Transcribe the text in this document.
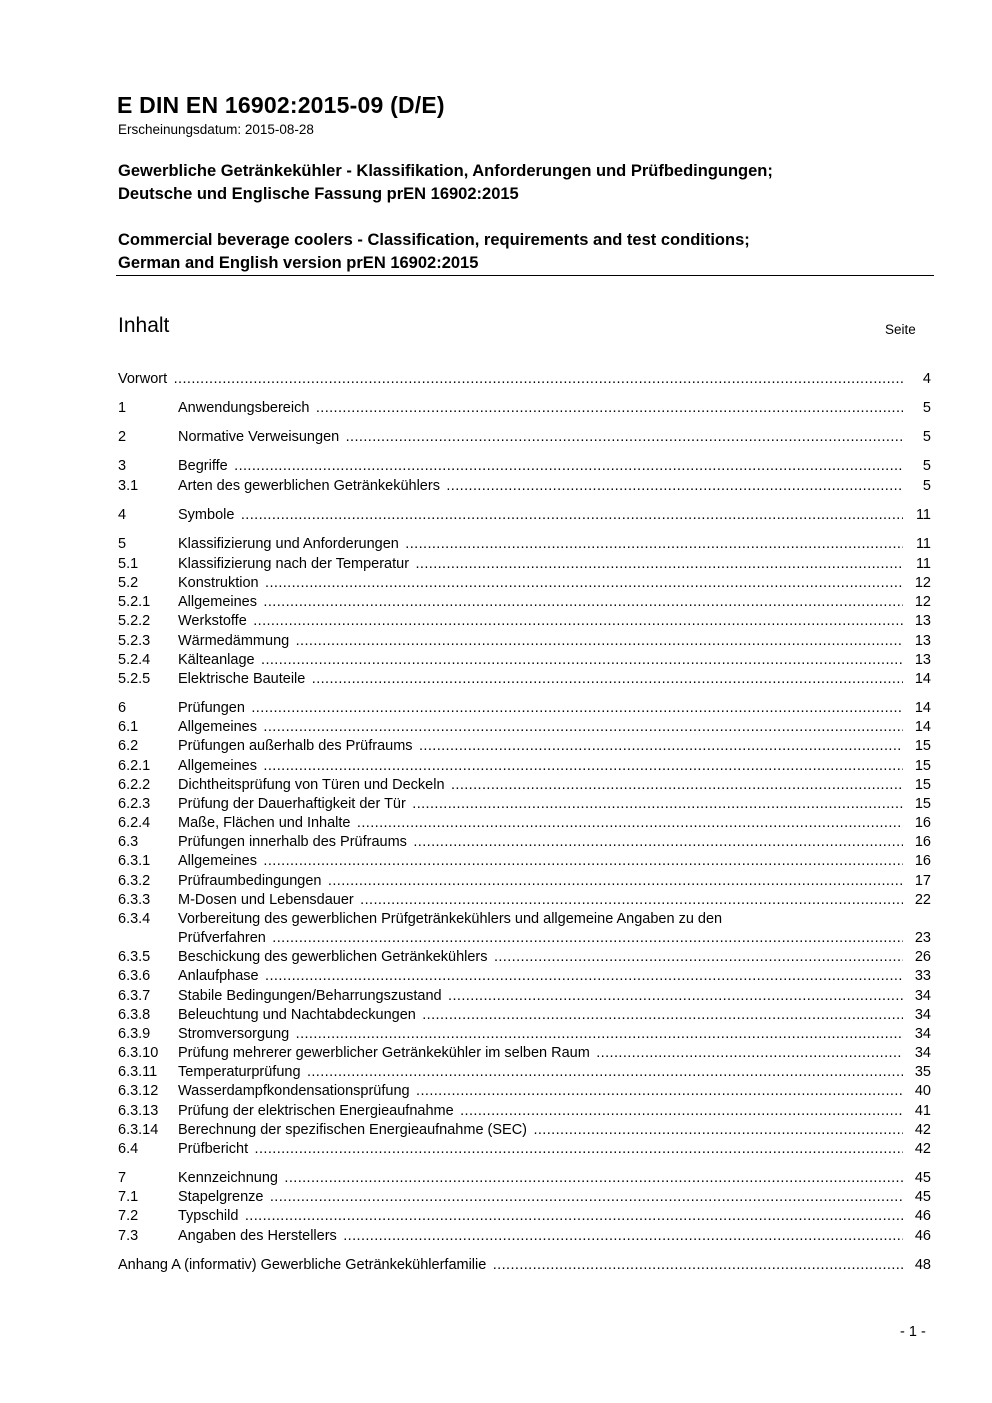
E DIN EN 16902:2015-09 (D/E)
Erscheinungsdatum: 2015-08-28
Gewerbliche Getränkekühler - Klassifikation, Anforderungen und Prüfbedingungen;
Deutsche und Englische Fassung prEN 16902:2015
Commercial beverage coolers - Classification, requirements and test conditions;
German and English version prEN 16902:2015
Inhalt	Seite
Vorwort .....	4
1	Anwendungsbereich .....	5
2	Normative Verweisungen .....	5
3	Begriffe .....	5
3.1	Arten des gewerblichen Getränkekühlers .....	5
4	Symbole .....	11
5	Klassifizierung und Anforderungen .....	11
5.1	Klassifizierung nach der Temperatur .....	11
5.2	Konstruktion .....	12
5.2.1 Allgemeines .....	12
5.2.2 Werkstoffe .....	13
5.2.3 Wärmedämmung .....	13
5.2.4 Kälteanlage .....	13
5.2.5 Elektrische Bauteile .....	14
6	Prüfungen .....	14
6.1	Allgemeines .....	14
6.2	Prüfungen außerhalb des Prüfraums .....	15
6.2.1 Allgemeines .....	15
6.2.2 Dichtheitsprüfung von Türen und Deckeln .....	15
6.2.3 Prüfung der Dauerhaftigkeit der Tür .....	15
6.2.4 Maße, Flächen und Inhalte .....	16
6.3	Prüfungen innerhalb des Prüfraums .....	16
6.3.1 Allgemeines .....	16
6.3.2 Prüfraumbedingungen .....	17
6.3.3 M-Dosen und Lebensdauer .....	22
6.3.4 Vorbereitung des gewerblichen Prüfgetränkekühlers und allgemeine Angaben zu den
Prüfverfahren .....	23
6.3.5 Beschickung des gewerblichen Getränkekühlers .....	26
6.3.6 Anlaufphase .....	33
6.3.7 Stabile Bedingungen/Beharrungszustand .....	34
6.3.8 Beleuchtung und Nachtabdeckungen .....	34
6.3.9 Stromversorgung .....	34
6.3.10 Prüfung mehrerer gewerblicher Getränkekühler im selben Raum .....	34
6.3.11 Temperaturprüfung .....	35
6.3.12 Wasserdampfkondensationsprüfung .....	40
6.3.13 Prüfung der elektrischen Energieaufnahme .....	41
6.3.14 Berechnung der spezifischen Energieaufnahme (SEC) .....	42
6.4	Prüfbericht .....	42
7	Kennzeichnung .....	45
7.1	Stapelgrenze .....	45
7.2	Typschild .....	46
7.3	Angaben des Herstellers .....	46
Anhang A (informativ) Gewerbliche Getränkekühlerfamilie .....	48
- 1 -
